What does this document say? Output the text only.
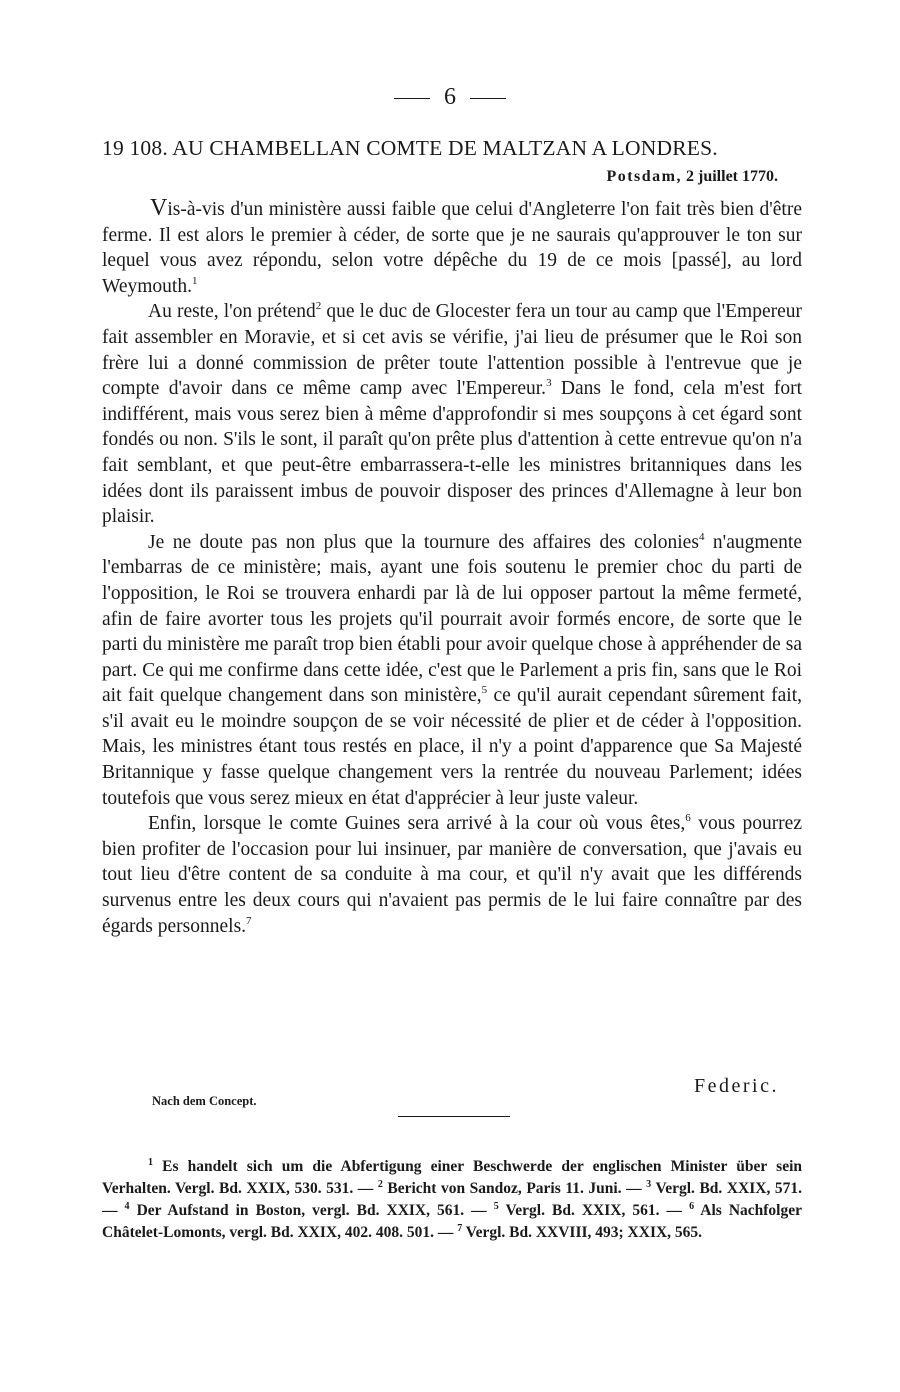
6
19 108. AU CHAMBELLAN COMTE DE MALTZAN A LONDRES.
Potsdam, 2 juillet 1770.

Vis-à-vis d'un ministère aussi faible que celui d'Angleterre l'on fait très bien d'être ferme. Il est alors le premier à céder, de sorte que je ne saurais qu'approuver le ton sur lequel vous avez répondu, selon votre dépêche du 19 de ce mois [passé], au lord Weymouth.$^1$

Au reste, l'on prétend$^2$ que le duc de Glocester fera un tour au camp que l'Empereur fait assembler en Moravie, et si cet avis se vérifie, j'ai lieu de présumer que le Roi son frère lui a donné commission de prêter toute l'attention possible à l'entrevue que je compte d'avoir dans ce même camp avec l'Empereur.$^3$ Dans le fond, cela m'est fort indifférent, mais vous serez bien à même d'approfondir si mes soupçons à cet égard sont fondés ou non. S'ils le sont, il paraît qu'on prête plus d'attention à cette entrevue qu'on n'a fait semblant, et que peut-être embarrassera-t-elle les ministres britanniques dans les idées dont ils paraissent imbus de pouvoir disposer des princes d'Allemagne à leur bon plaisir.

Je ne doute pas non plus que la tournure des affaires des colonies$^4$ n'augmente l'embarras de ce ministère; mais, ayant une fois soutenu le premier choc du parti de l'opposition, le Roi se trouvera enhardi par là de lui opposer partout la même fermeté, afin de faire avorter tous les projets qu'il pourrait avoir formés encore, de sorte que le parti du ministère me paraît trop bien établi pour avoir quelque chose à appréhender de sa part. Ce qui me confirme dans cette idée, c'est que le Parlement a pris fin, sans que le Roi ait fait quelque changement dans son ministère,$^5$ ce qu'il aurait cependant sûrement fait, s'il avait eu le moindre soupçon de se voir nécessité de plier et de céder à l'opposition. Mais, les ministres étant tous restés en place, il n'y a point d'apparence que Sa Majesté Britannique y fasse quelque changement vers la rentrée du nouveau Parlement; idées toutefois que vous serez mieux en état d'apprécier à leur juste valeur.

Enfin, lorsque le comte Guines sera arrivé à la cour où vous êtes,$^6$ vous pourrez bien profiter de l'occasion pour lui insinuer, par manière de conversation, que j'avais eu tout lieu d'être content de sa conduite à ma cour, et qu'il n'y avait que les différends survenus entre les deux cours qui n'avaient pas permis de le lui faire connaître par des égards personnels.$^7$

Federic.
Nach dem Concept.

$^1$ Es handelt sich um die Abfertigung einer Beschwerde der englischen Minister über sein Verhalten. Vergl. Bd. XXIX, 530. 531. — $^2$ Bericht von Sandoz, Paris 11. Juni. — $^3$ Vergl. Bd. XXIX, 571. — $^4$ Der Aufstand in Boston, vergl. Bd. XXIX, 561. — $^5$ Vergl. Bd. XXIX, 561. — $^6$ Als Nachfolger Châtelet-Lomonts, vergl. Bd. XXIX, 402. 408. 501. — $^7$ Vergl. Bd. XXVIII, 493; XXIX, 565.
